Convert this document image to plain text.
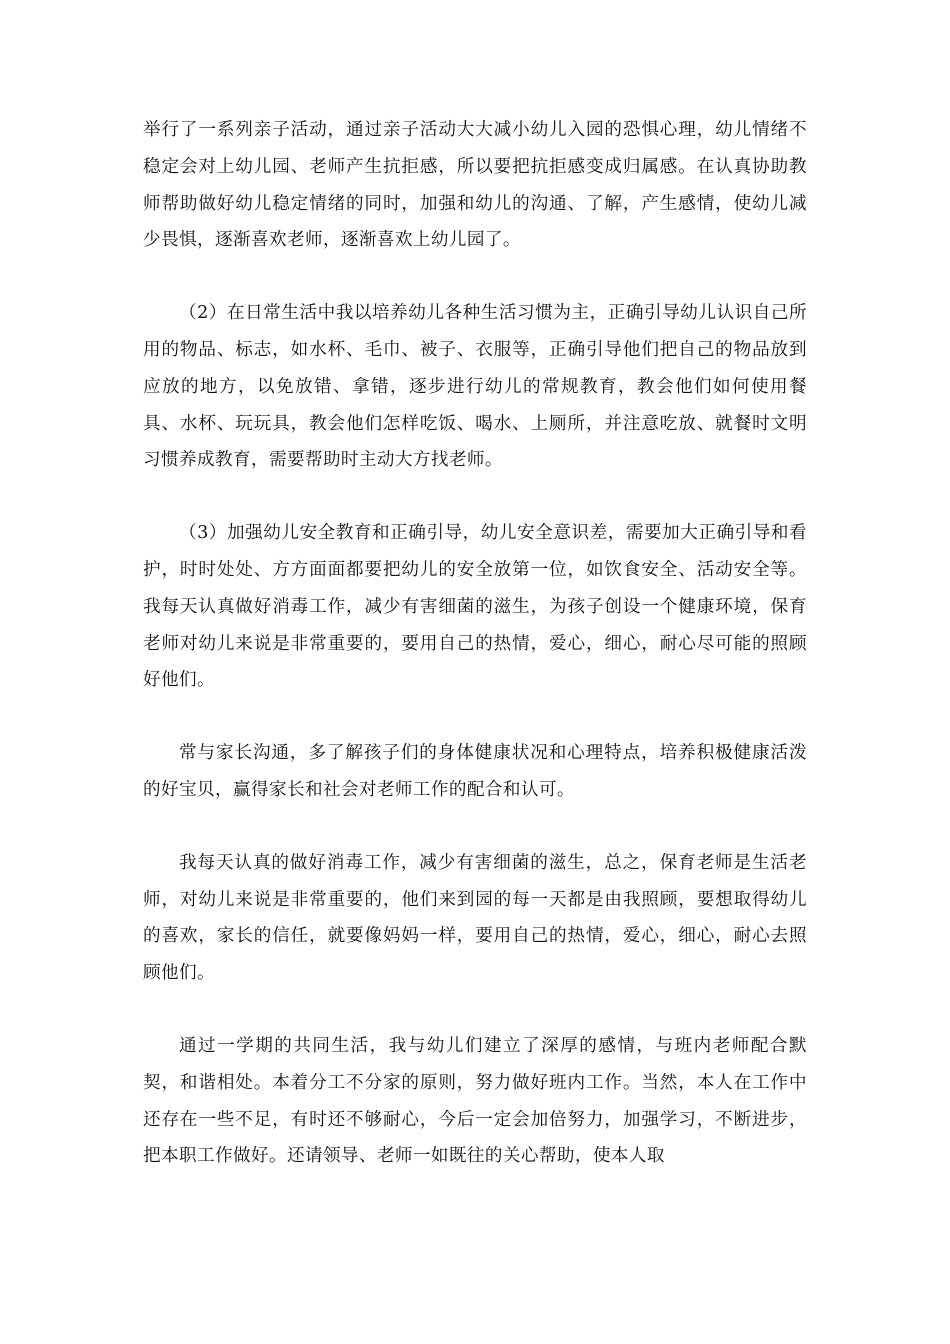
举行了一系列亲子活动，通过亲子活动大大减小幼儿入园的恐惧心理，幼儿情绪不稳定会对上幼儿园、老师产生抗拒感，所以要把抗拒感变成归属感。在认真协助教师帮助做好幼儿稳定情绪的同时，加强和幼儿的沟通、了解，产生感情，使幼儿减少畏惧，逐渐喜欢老师，逐渐喜欢上幼儿园了。

（2）在日常生活中我以培养幼儿各种生活习惯为主，正确引导幼儿认识自己所用的物品、标志，如水杯、毛巾、被子、衣服等，正确引导他们把自己的物品放到应放的地方，以免放错、拿错，逐步进行幼儿的常规教育，教会他们如何使用餐具、水杯、玩玩具，教会他们怎样吃饭、喝水、上厕所，并注意吃放、就餐时文明习惯养成教育，需要帮助时主动大方找老师。

（3）加强幼儿安全教育和正确引导，幼儿安全意识差，需要加大正确引导和看护，时时处处、方方面面都要把幼儿的安全放第一位，如饮食安全、活动安全等。我每天认真做好消毒工作，减少有害细菌的滋生，为孩子创设一个健康环境，保育老师对幼儿来说是非常重要的，要用自己的热情，爱心，细心，耐心尽可能的照顾好他们。

常与家长沟通，多了解孩子们的身体健康状况和心理特点，培养积极健康活泼的好宝贝，赢得家长和社会对老师工作的配合和认可。

我每天认真的做好消毒工作，减少有害细菌的滋生，总之，保育老师是生活老师，对幼儿来说是非常重要的，他们来到园的每一天都是由我照顾，要想取得幼儿的喜欢，家长的信任，就要像妈妈一样，要用自己的热情，爱心，细心，耐心去照顾他们。

通过一学期的共同生活，我与幼儿们建立了深厚的感情，与班内老师配合默契，和谐相处。本着分工不分家的原则，努力做好班内工作。当然，本人在工作中还存在一些不足，有时还不够耐心，今后一定会加倍努力，加强学习，不断进步，把本职工作做好。还请领导、老师一如既往的关心帮助，使本人取
